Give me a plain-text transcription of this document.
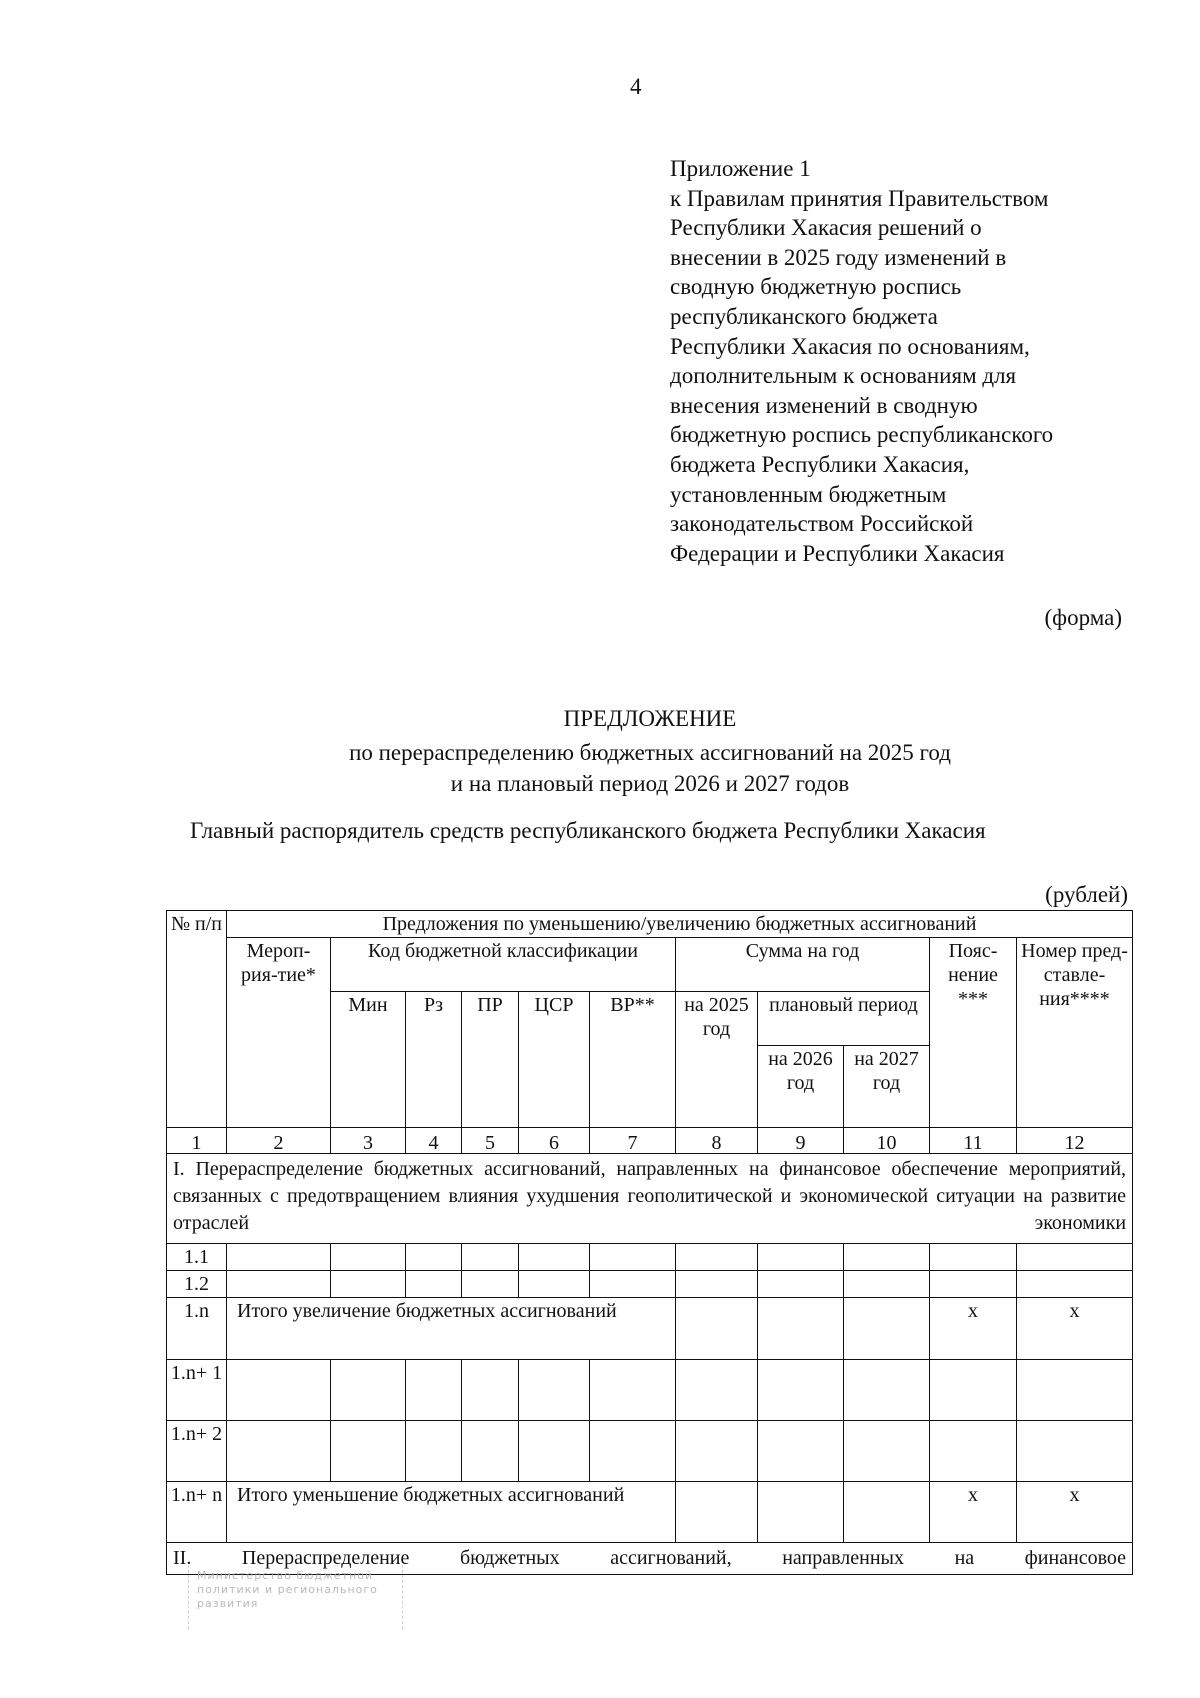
4
Приложение 1
к Правилам принятия Правительством
Республики Хакасия решений о
внесении в 2025 году изменений в
сводную бюджетную роспись
республиканского бюджета
Республики Хакасия по основаниям,
дополнительным к основаниям для
внесения изменений в сводную
бюджетную роспись республиканского
бюджета Республики Хакасия,
установленным бюджетным
законодательством Российской
Федерации и Республики Хакасия
(форма)
ПРЕДЛОЖЕНИЕ
по перераспределению бюджетных ассигнований на 2025 год
и на плановый период 2026 и 2027 годов
Главный распорядитель средств республиканского бюджета Республики Хакасия
(рублей)
№ п/п	Предложения по уменьшению/увеличению бюджетных ассигнований										
	Мероп-рия-тие*	Код бюджетной классификации					Сумма на год			Пояс-нение ***	Номер пред-ставле-ния****
		Мин	Рз	ПР	ЦСР	ВР**	на 2025 год	плановый период			
								на 2026 год	на 2027 год		
1	2	3	4	5	6	7	8	9	10	11	12
I. Перераспределение бюджетных ассигнований, направленных на финансовое обеспечение мероприятий, связанных с предотвращением влияния ухудшения геополитической и экономической ситуации на развитие отраслей экономики											
1.1											
1.2											
1.n	Итого увеличение бюджетных ассигнований									х	х
1.n+ 1											
1.n+ 2											
1.n+ n	Итого уменьшение бюджетных ассигнований									х	х
II. Перераспределение бюджетных ассигнований, направленных на финансовое											
Министерство бюджетной
политики и регионального
развития
